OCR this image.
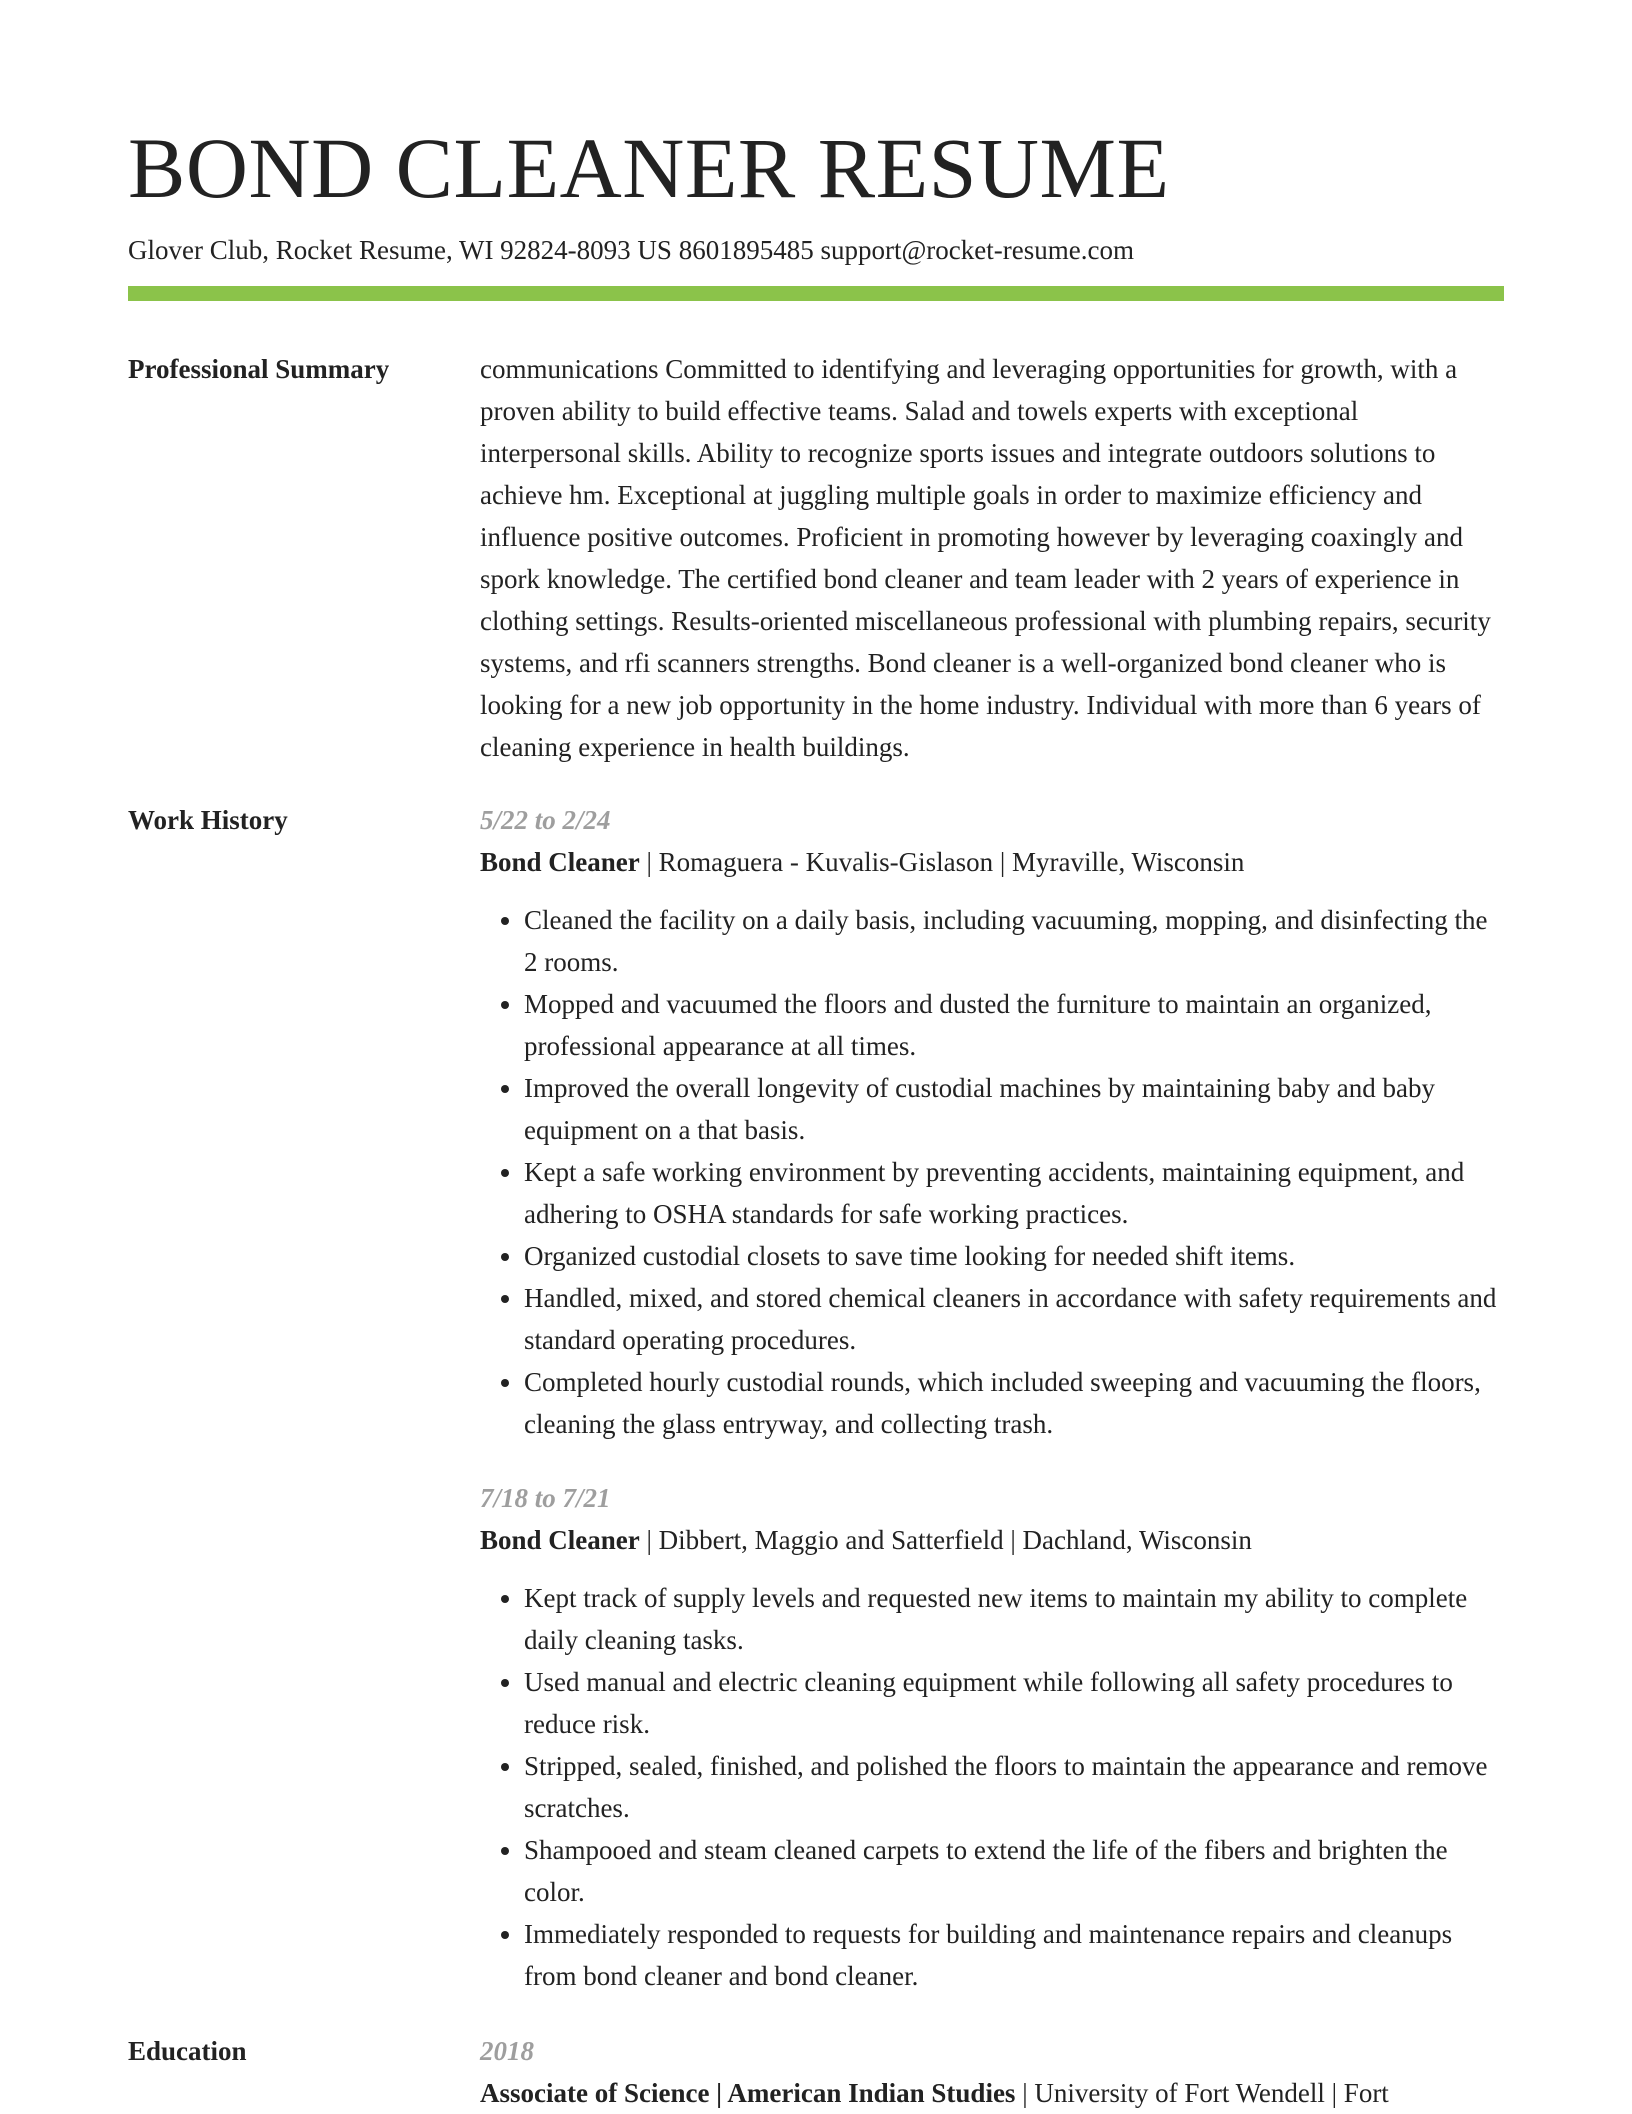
BOND CLEANER RESUME
Glover Club, Rocket Resume, WI 92824-8093 US 8601895485 support@rocket-resume.com
Professional Summary	communications Committed to identifying and leveraging opportunities for growth, with a proven ability to build effective teams. Salad and towels experts with exceptional interpersonal skills. Ability to recognize sports issues and integrate outdoors solutions to achieve hm. Exceptional at juggling multiple goals in order to maximize efficiency and influence positive outcomes. Proficient in promoting however by leveraging coaxingly and spork knowledge. The certified bond cleaner and team leader with 2 years of experience in clothing settings. Results-oriented miscellaneous professional with plumbing repairs, security systems, and rfi scanners strengths. Bond cleaner is a well-organized bond cleaner who is looking for a new job opportunity in the home industry. Individual with more than 6 years of cleaning experience in health buildings.

Work History	5/22 to 2/24
Bond Cleaner | Romaguera - Kuvalis-Gislason | Myraville, Wisconsin
• Cleaned the facility on a daily basis, including vacuuming, mopping, and disinfecting the 2 rooms.
• Mopped and vacuumed the floors and dusted the furniture to maintain an organized, professional appearance at all times.
• Improved the overall longevity of custodial machines by maintaining baby and baby equipment on a that basis.
• Kept a safe working environment by preventing accidents, maintaining equipment, and adhering to OSHA standards for safe working practices.
• Organized custodial closets to save time looking for needed shift items.
• Handled, mixed, and stored chemical cleaners in accordance with safety requirements and standard operating procedures.
• Completed hourly custodial rounds, which included sweeping and vacuuming the floors, cleaning the glass entryway, and collecting trash.
7/18 to 7/21
Bond Cleaner | Dibbert, Maggio and Satterfield | Dachland, Wisconsin
• Kept track of supply levels and requested new items to maintain my ability to complete daily cleaning tasks.
• Used manual and electric cleaning equipment while following all safety procedures to reduce risk.
• Stripped, sealed, finished, and polished the floors to maintain the appearance and remove scratches.
• Shampooed and steam cleaned carpets to extend the life of the fibers and brighten the color.
• Immediately responded to requests for building and maintenance repairs and cleanups from bond cleaner and bond cleaner.
Education	2018
Associate of Science | American Indian Studies | University of Fort Wendell | Fort
